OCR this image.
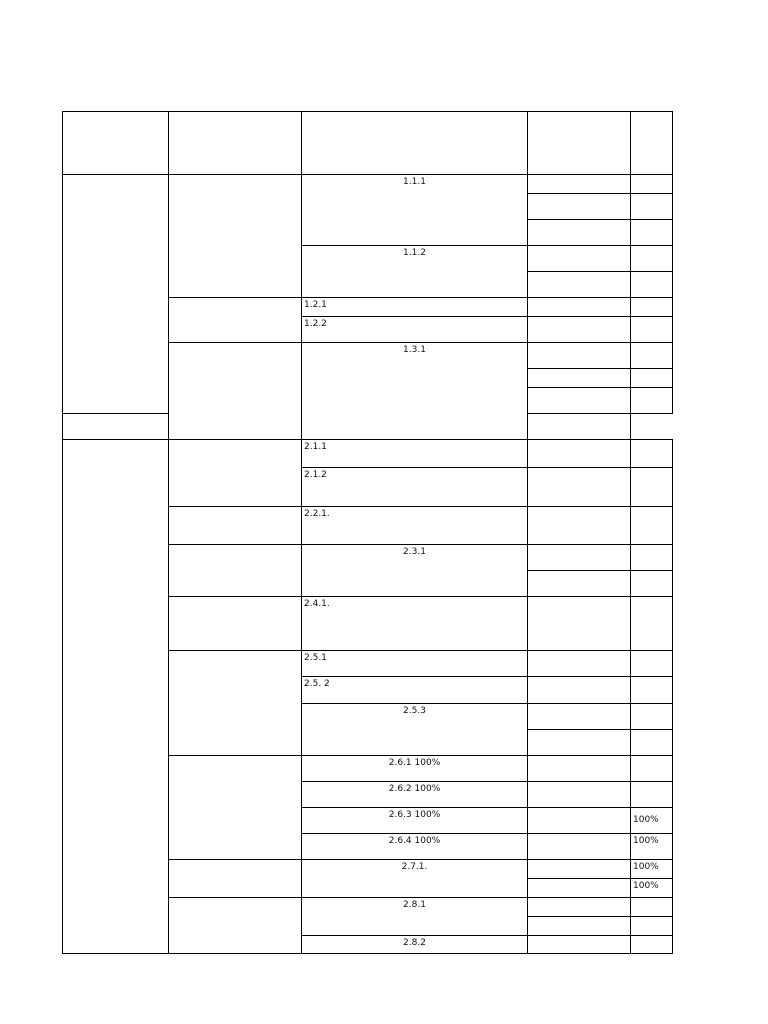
		1.1.1		

		1.1.2		

		1.2.1		
		1.2.2		
		1.3.1		

		2.1.1		
		2.1.2		
		2.2.1.		
		2.3.1		

		2.4.1.		
		2.5.1		
		2.5. 2		
		2.5.3		

		2.6.1 100%		
		2.6.2 100%		
		2.6.3 100%		100%
		2.6.4 100%		100%
		2.7.1.		100%
				100%
		2.8.1		

		2.8.2		
